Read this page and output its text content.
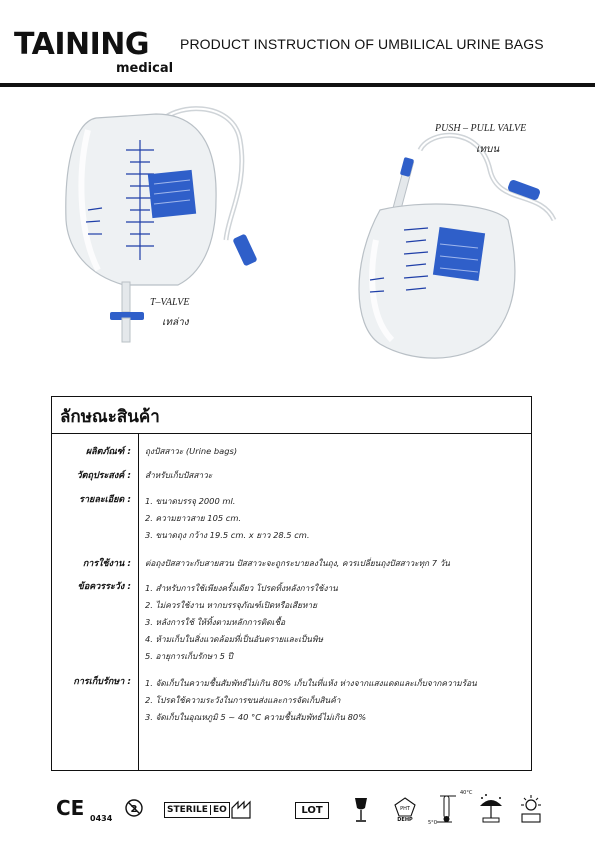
TAINING
medical
PRODUCT INSTRUCTION OF UMBILICAL URINE BAGS
T–VALVE
เทล่าง
PUSH – PULL VALVE
เทบน
ลักษณะสินค้า
ผลิตภัณฑ์ :	ถุงปัสสาวะ (Urine bags)
วัตถุประสงค์ :	สำหรับเก็บปัสสาวะ
รายละเอียด :	1. ขนาดบรรจุ 2000 ml.
2. ความยาวสาย 105 cm.
3. ขนาดถุง กว้าง 19.5 cm. x ยาว 28.5 cm.
การใช้งาน :	ต่อถุงปัสสาวะกับสายสวน ปัสสาวะจะถูกระบายลงในถุง, ควรเปลี่ยนถุงปัสสาวะทุก 7 วัน
ข้อควรระวัง :	1. สำหรับการใช้เพียงครั้งเดียว โปรดทิ้งหลังการใช้งาน
2. ไม่ควรใช้งาน หากบรรจุภัณฑ์เปิดหรือเสียหาย
3. หลังการใช้ ให้ทิ้งตามหลักการติดเชื้อ
4. ห้ามเก็บในสิ่งแวดล้อมที่เป็นอันตรายและเป็นพิษ
5. อายุการเก็บรักษา 5 ปี
การเก็บรักษา :	1. จัดเก็บในความชื้นสัมพัทธ์ไม่เกิน 80% เก็บในที่แห้ง ห่างจากแสงแดดและเก็บจากความร้อน
2. โปรดใช้ความระวังในการขนส่งและการจัดเก็บสินค้า
3. จัดเก็บในอุณหภูมิ 5 ~ 40 °C ความชื้นสัมพัทธ์ไม่เกิน 80%
CE 0434
2	STERILE EO	LOT	PHT
DEHP
40°C
5°C
